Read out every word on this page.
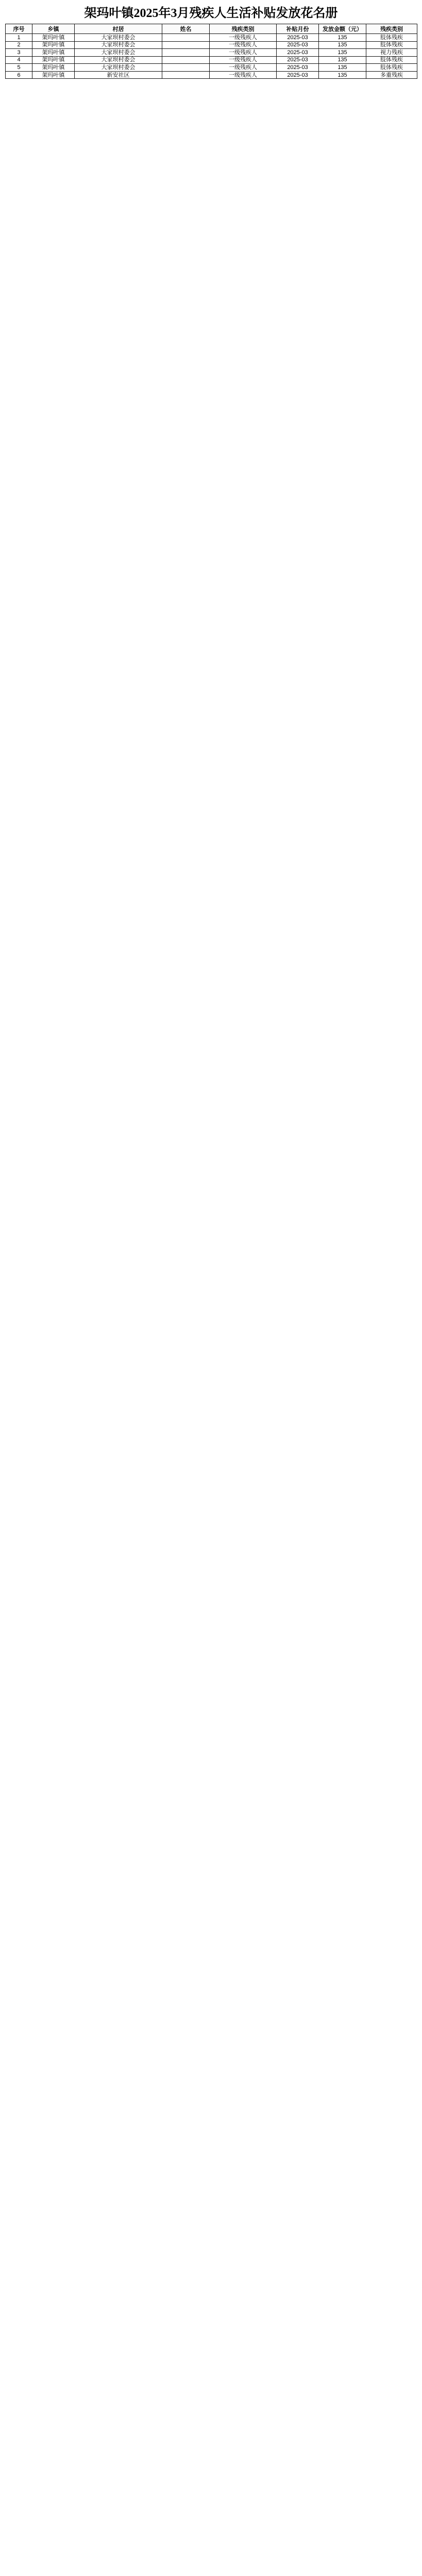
架玛叶镇2025年3月残疾人生活补贴发放花名册
序号	乡镇	村居	姓名	残疾类别	补贴月份	发放金额（元）	残疾类别
1	架玛叶镇	大家坝村委会		一级残疾人	2025-03	135	肢体残疾
2	架玛叶镇	大家坝村委会		一级残疾人	2025-03	135	肢体残疾
3	架玛叶镇	大家坝村委会		一级残疾人	2025-03	135	视力残疾
4	架玛叶镇	大家坝村委会		一级残疾人	2025-03	135	肢体残疾
5	架玛叶镇	大家坝村委会		一级残疾人	2025-03	135	肢体残疾
6	架玛叶镇	新安社区		一级残疾人	2025-03	135	多重残疾
